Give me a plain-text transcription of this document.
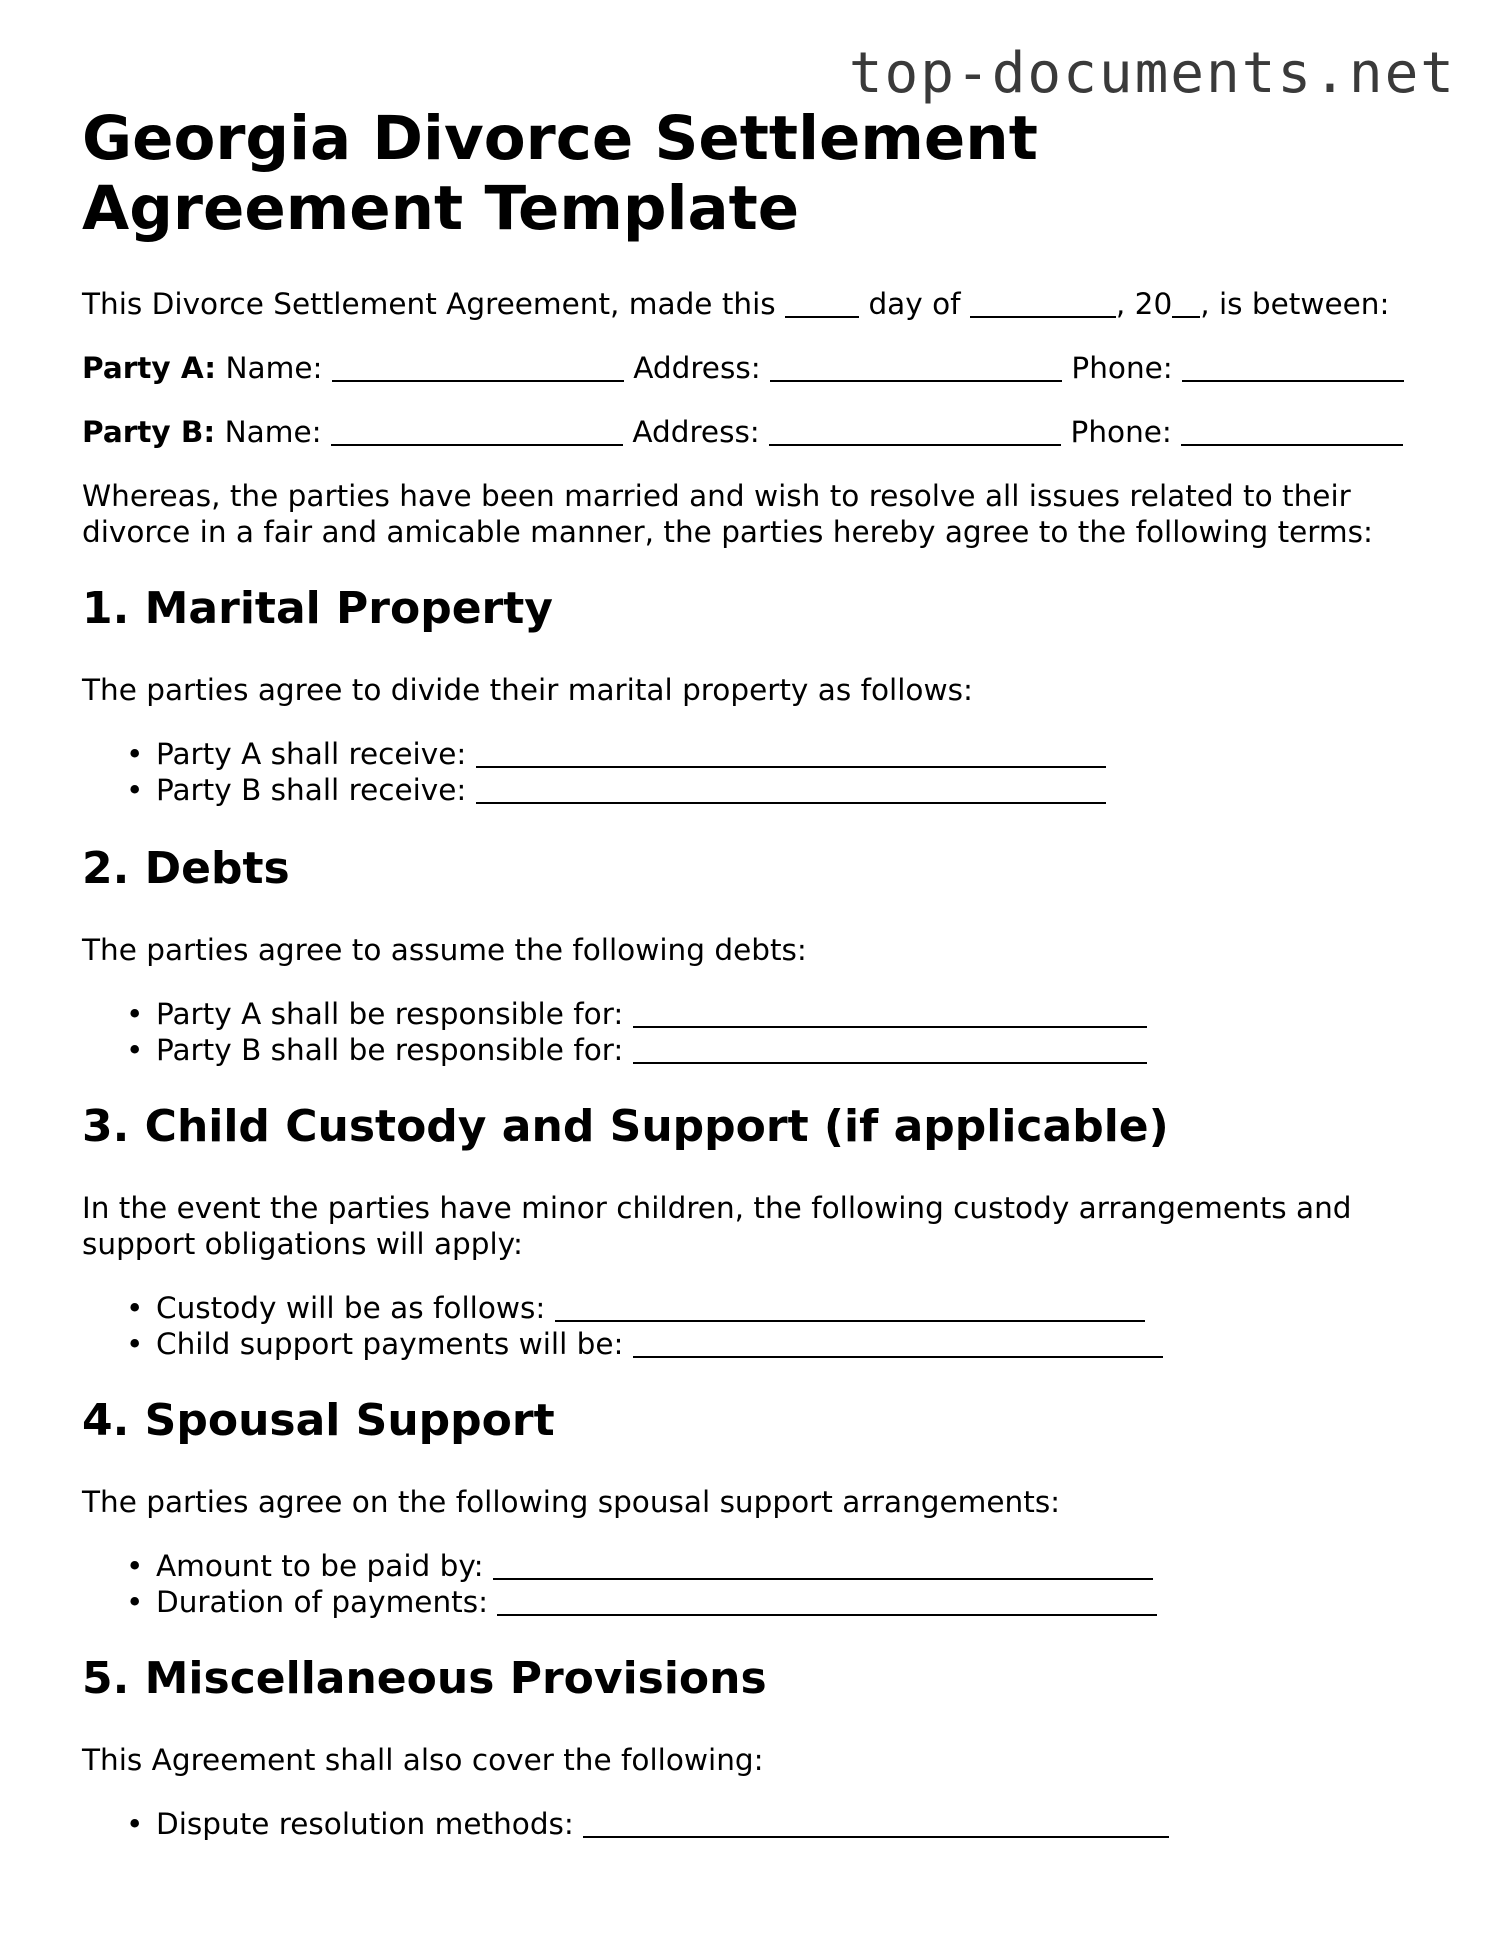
top-documents.net
Georgia Divorce Settlement Agreement Template

This Divorce Settlement Agreement, made this	day of	, 20 , is between:

Party A: Name:	Address:	Phone:

Party B: Name:	Address:	Phone:

Whereas, the parties have been married and wish to resolve all issues related to their divorce in a fair and amicable manner, the parties hereby agree to the following terms:

1. Marital Property

The parties agree to divide their marital property as follows:

• Party A shall receive:
• Party B shall receive:
2. Debts

The parties agree to assume the following debts:

• Party A shall be responsible for:
• Party B shall be responsible for:
3. Child Custody and Support (if applicable)

In the event the parties have minor children, the following custody arrangements and support obligations will apply:

• Custody will be as follows:
• Child support payments will be:
4. Spousal Support

The parties agree on the following spousal support arrangements:

• Amount to be paid by:
• Duration of payments:
5. Miscellaneous Provisions

This Agreement shall also cover the following:

• Dispute resolution methods:
